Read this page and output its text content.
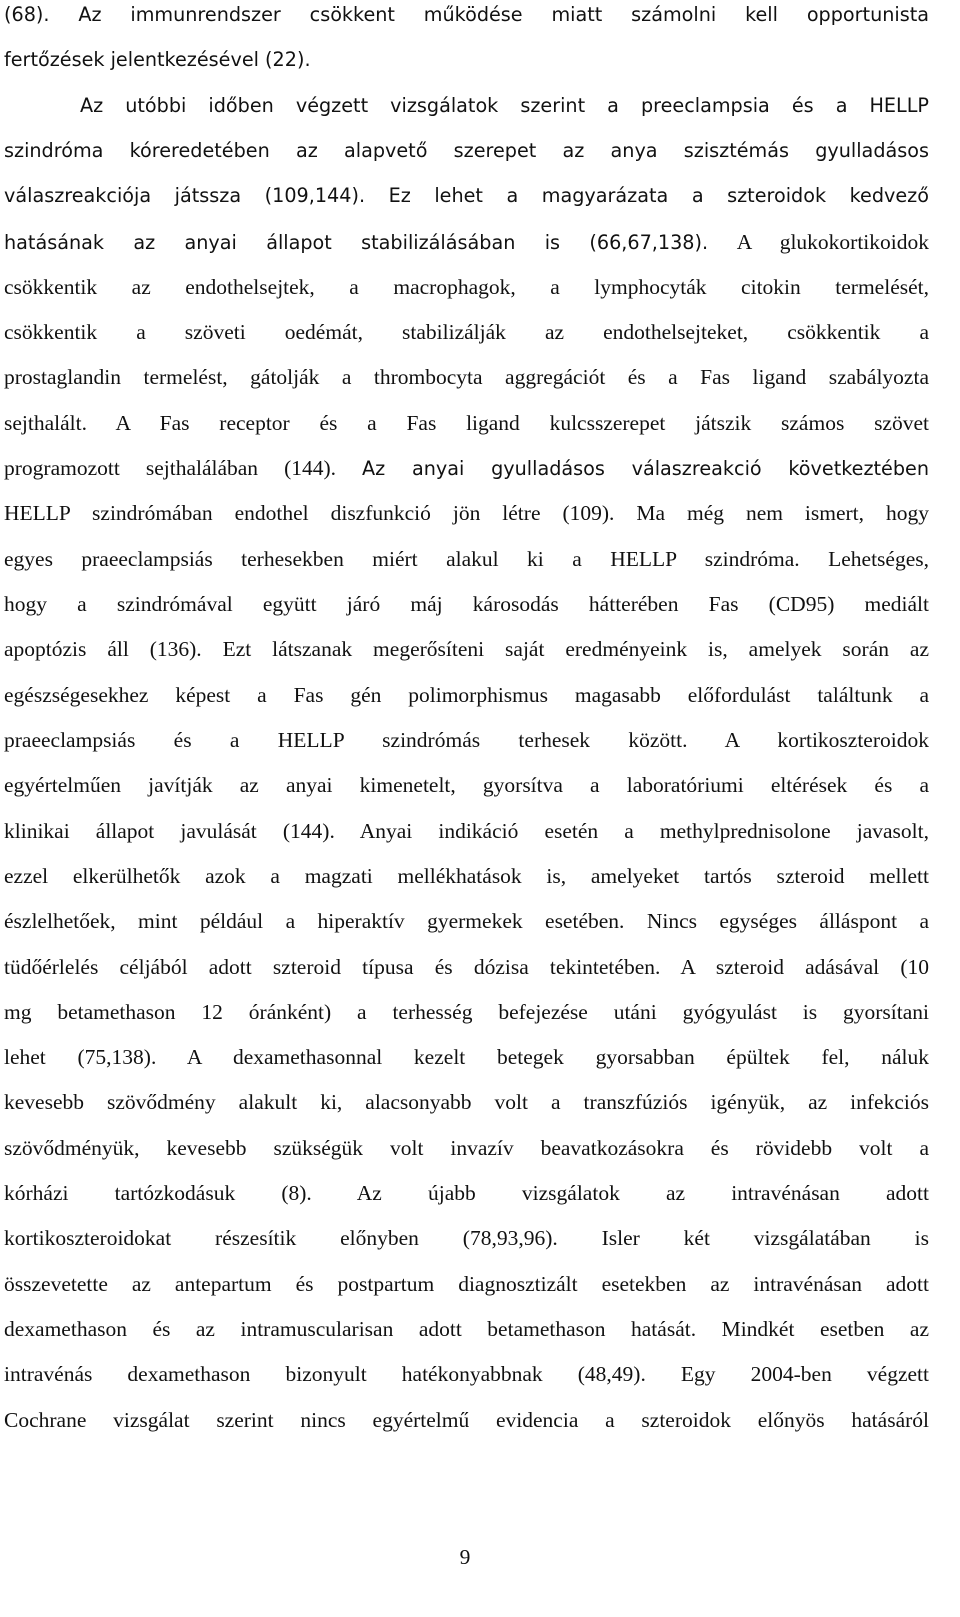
(68). Az immunrendszer csökkent működése miatt számolni kell opportunista
fertőzések jelentkezésével (22).
Az utóbbi időben végzett vizsgálatok szerint a preeclampsia és a HELLP
szindróma kóreredetében az alapvető szerepet az anya szisztémás gyulladásos
válaszreakciója játssza (109,144). Ez lehet a magyarázata a szteroidok kedvező
hatásának az anyai állapot stabilizálásában is (66,67,138). A glukokortikoidok
csökkentik az endothelsejtek, a macrophagok, a lymphocyták citokin termelését,
csökkentik a szöveti oedémát, stabilizálják az endothelsejteket, csökkentik a
prostaglandin termelést, gátolják a thrombocyta aggregációt és a Fas ligand szabályozta
sejthalált. A Fas receptor és a Fas ligand kulcsszerepet játszik számos szövet
programozott sejthalálában (144). Az anyai gyulladásos válaszreakció következtében
HELLP szindrómában endothel diszfunkció jön létre (109). Ma még nem ismert, hogy
egyes praeeclampsiás terhesekben miért alakul ki a HELLP szindróma. Lehetséges,
hogy a szindrómával együtt járó máj károsodás hátterében Fas (CD95) mediált
apoptózis áll (136). Ezt látszanak megerősíteni saját eredményeink is, amelyek során az
egészségesekhez képest a Fas gén polimorphismus magasabb előfordulást találtunk a
praeeclampsiás és a HELLP szindrómás terhesek között. A kortikoszteroidok
egyértelműen javítják az anyai kimenetelt, gyorsítva a laboratóriumi eltérések és a
klinikai állapot javulását (144). Anyai indikáció esetén a methylprednisolone javasolt,
ezzel elkerülhetők azok a magzati mellékhatások is, amelyeket tartós szteroid mellett
észlelhetőek, mint például a hiperaktív gyermekek esetében. Nincs egységes álláspont a
tüdőérlelés céljából adott szteroid típusa és dózisa tekintetében. A szteroid adásával (10
mg betamethason 12 óránként) a terhesség befejezése utáni gyógyulást is gyorsítani
lehet (75,138). A dexamethasonnal kezelt betegek gyorsabban épültek fel, náluk
kevesebb szövődmény alakult ki, alacsonyabb volt a transzfúziós igényük, az infekciós
szövődményük, kevesebb szükségük volt invazív beavatkozásokra és rövidebb volt a
kórházi tartózkodásuk (8). Az újabb vizsgálatok az intravénásan adott
kortikoszteroidokat részesítik előnyben (78,93,96). Isler két vizsgálatában is
összevetette az antepartum és postpartum diagnosztizált esetekben az intravénásan adott
dexamethason és az intramuscularisan adott betamethason hatását. Mindkét esetben az
intravénás dexamethason bizonyult hatékonyabbnak (48,49). Egy 2004-ben végzett
Cochrane vizsgálat szerint nincs egyértelmű evidencia a szteroidok előnyös hatásáról
9
